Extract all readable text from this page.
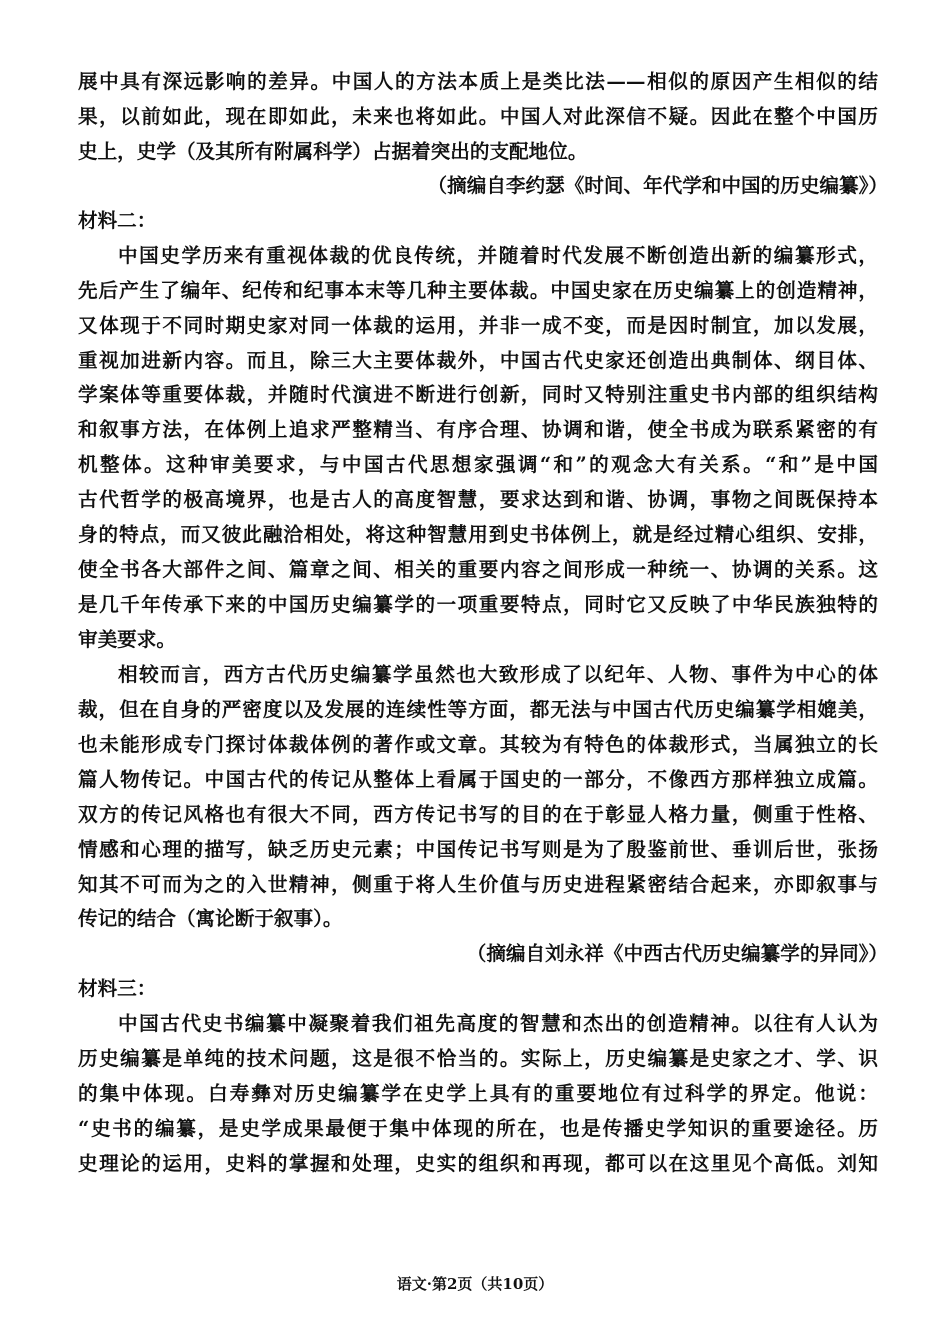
展中具有深远影响的差异。中国人的方法本质上是类比法——相似的原因产生相似的结
果，以前如此，现在即如此，未来也将如此。中国人对此深信不疑。因此在整个中国历
史上，史学（及其所有附属科学）占据着突出的支配地位。
（摘编自李约瑟《时间、年代学和中国的历史编纂》）
材料二：
中国史学历来有重视体裁的优良传统，并随着时代发展不断创造出新的编纂形式，
先后产生了编年、纪传和纪事本末等几种主要体裁。中国史家在历史编纂上的创造精神，
又体现于不同时期史家对同一体裁的运用，并非一成不变，而是因时制宜，加以发展，
重视加进新内容。而且，除三大主要体裁外，中国古代史家还创造出典制体、纲目体、
学案体等重要体裁，并随时代演进不断进行创新，同时又特别注重史书内部的组织结构
和叙事方法，在体例上追求严整精当、有序合理、协调和谐，使全书成为联系紧密的有
机整体。这种审美要求，与中国古代思想家强调“和”的观念大有关系。“和”是中国
古代哲学的极高境界，也是古人的高度智慧，要求达到和谐、协调，事物之间既保持本
身的特点，而又彼此融洽相处，将这种智慧用到史书体例上，就是经过精心组织、安排，
使全书各大部件之间、篇章之间、相关的重要内容之间形成一种统一、协调的关系。这
是几千年传承下来的中国历史编纂学的一项重要特点，同时它又反映了中华民族独特的
审美要求。
相较而言，西方古代历史编纂学虽然也大致形成了以纪年、人物、事件为中心的体
裁，但在自身的严密度以及发展的连续性等方面，都无法与中国古代历史编纂学相媲美，
也未能形成专门探讨体裁体例的著作或文章。其较为有特色的体裁形式，当属独立的长
篇人物传记。中国古代的传记从整体上看属于国史的一部分，不像西方那样独立成篇。
双方的传记风格也有很大不同，西方传记书写的目的在于彰显人格力量，侧重于性格、
情感和心理的描写，缺乏历史元素；中国传记书写则是为了殷鉴前世、垂训后世，张扬
知其不可而为之的入世精神，侧重于将人生价值与历史进程紧密结合起来，亦即叙事与
传记的结合（寓论断于叙事）。
（摘编自刘永祥《中西古代历史编纂学的异同》）
材料三：
中国古代史书编纂中凝聚着我们祖先高度的智慧和杰出的创造精神。以往有人认为
历史编纂是单纯的技术问题，这是很不恰当的。实际上，历史编纂是史家之才、学、识
的集中体现。白寿彝对历史编纂学在史学上具有的重要地位有过科学的界定。他说：
“史书的编纂，是史学成果最便于集中体现的所在，也是传播史学知识的重要途径。历
史理论的运用，史料的掌握和处理，史实的组织和再现，都可以在这里见个高低。刘知
语文·第2页（共10页）
